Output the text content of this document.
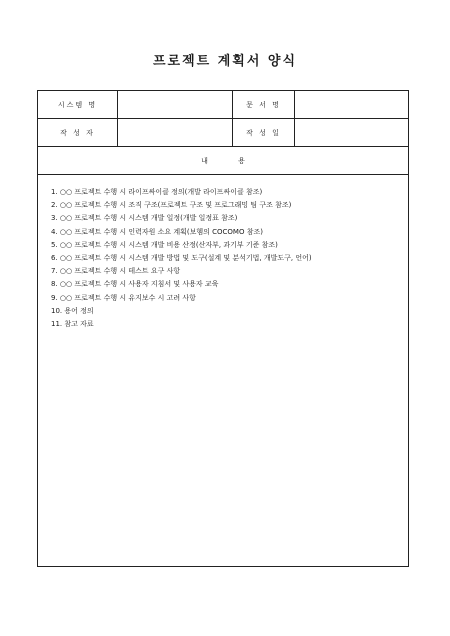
프로젝트 계획서 양식
시스템 명	문 서 명
작 성 자	작 성 일
내 용
1. ○○ 프로젝트 수행 시 라이프싸이클 정의(개발 라이프싸이클 참조)
2. ○○ 프로젝트 수행 시 조직 구조(프로젝트 구조 및 프로그래밍 팀 구조 참조)
3. ○○ 프로젝트 수행 시 시스템 개발 일정(개발 일정표 참조)
4. ○○ 프로젝트 수행 시 인력자원 소요 계획(보헴의 COCOMO 참조)
5. ○○ 프로젝트 수행 시 시스템 개발 비용 산정(산자부, 과기부 기준 참조)
6. ○○ 프로젝트 수행 시 시스템 개발 방법 및 도구(설계 및 분석기법, 개발도구, 언어)
7. ○○ 프로젝트 수행 시 테스트 요구 사항
8. ○○ 프로젝트 수행 시 사용자 지침서 및 사용자 교육
9. ○○ 프로젝트 수행 시 유지보수 시 고려 사항
10. 용어 정의
11. 참고 자료
